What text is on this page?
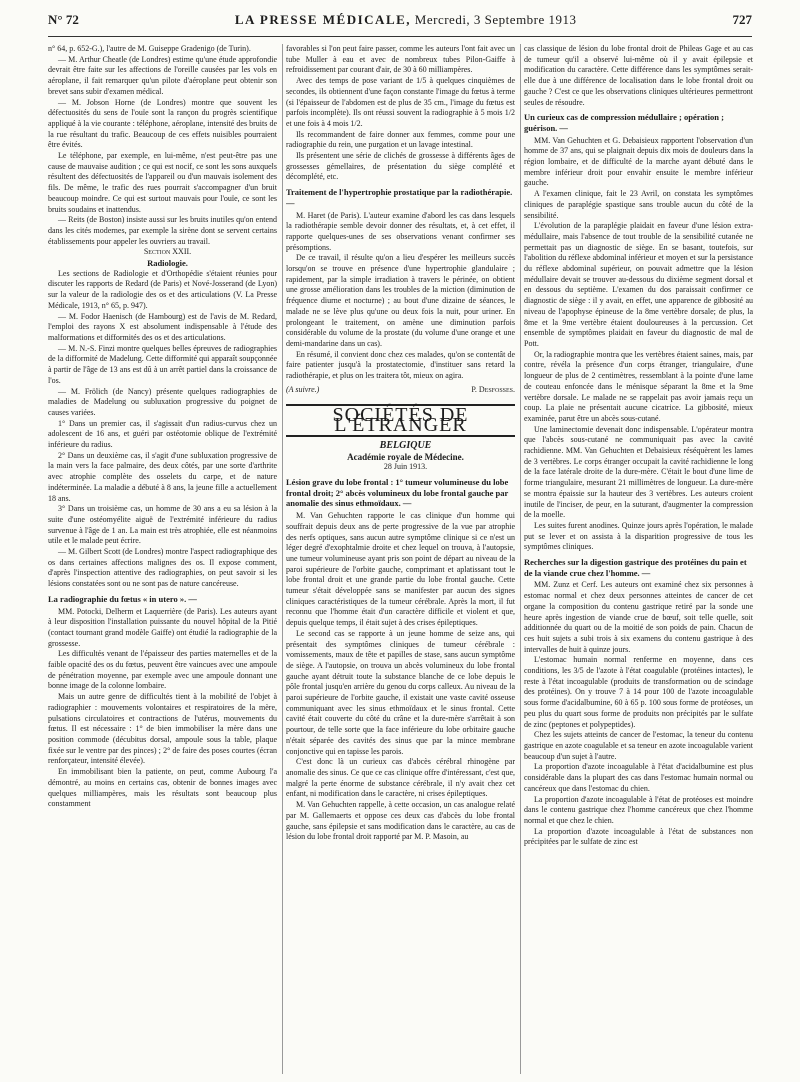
N° 72	LA PRESSE MÉDICALE, Mercredi, 3 Septembre 1913	727

n° 64, p. 652-G.), l'autre de M. Guiseppe Gradenigo (de Turin).

— M. Arthur Cheatle (de Londres) estime qu'une étude approfondie devrait être faite sur les affections de l'oreille causées par les vols en aéroplane, il fait remarquer qu'un pilote d'aéroplane peut obtenir son brevet sans subir d'examen médical.

— M. Jobson Horne (de Londres) montre que souvent les défectuosités du sens de l'ouïe sont la rançon du progrès scientifique appliqué à la vie courante : téléphone, aéroplane, intensité des bruits de la rue résultant du trafic. Beaucoup de ces effets nuisibles pourraient être évités.

Le téléphone, par exemple, en lui-même, n'est peut-être pas une cause de mauvaise audition ; ce qui est nocif, ce sont les sons auxquels résultent des défectuosités de l'appareil ou d'un mauvais isolement des fils. De même, le trafic des rues pourrait s'accompagner d'un bruit beaucoup moindre. Ce qui est surtout mauvais pour l'ouïe, ce sont les bruits soudains et inattendus.

— Reits (de Boston) insiste aussi sur les bruits inutiles qu'on entend dans les cités modernes, par exemple la sirène dont se servent certains établissements pour appeler les ouvriers au travail.

Section XXII.

Radiologie.

Les sections de Radiologie et d'Orthopédie s'étaient réunies pour discuter les rapports de Redard (de Paris) et Nové-Josserand (de Lyon) sur la valeur de la radiologie des os et des articulations (V. La Presse Médicale, 1913, n° 65, p. 947).

— M. Fodor Haenisch (de Hambourg) est de l'avis de M. Redard, l'emploi des rayons X est absolument indispensable à l'étude des malformations et difformités des os et des articulations.

— M. N.-S. Finzi montre quelques belles épreuves de radiographies de la difformité de Madelung. Cette difformité qui apparaît soupçonnée à partir de l'âge de 13 ans est dû à un arrêt partiel dans la croissance de l'os.

— M. Frölich (de Nancy) présente quelques radiographies de maladies de Madelung ou subluxation progressive du poignet de causes variées.

1° Dans un premier cas, il s'agissait d'un radius-curvus chez un adolescent de 16 ans, et guéri par ostéotomie oblique de l'extrémité inférieure du radius.

2° Dans un deuxième cas, il s'agit d'une subluxation progressive de la main vers la face palmaire, des deux côtés, par une sorte d'arthrite avec atrophie complète des osselets du carpe, et de nature indéterminée. La maladie a débuté à 8 ans, la jeune fille a actuellement 18 ans.

3° Dans un troisième cas, un homme de 30 ans a eu sa lésion à la suite d'une ostéomyélite aiguë de l'extrémité inférieure du radius survenue à l'âge de 1 an. La main est très atrophiée, elle est néanmoins utile et le malade peut écrire.

— M. Gilbert Scott (de Londres) montre l'aspect radiographique des os dans certaines affections malignes des os. Il expose comment, d'après l'inspection attentive des radiographies, on peut savoir si les lésions constatées sont ou ne sont pas de nature cancéreuse.

La radiographie du fœtus « in utero ». —

MM. Potocki, Delherm et Laquerrière (de Paris). Les auteurs ayant à leur disposition l'installation puissante du nouvel hôpital de la Pitié (contact tournant grand modèle Gaiffe) ont étudié la radiographie de la grossesse.

Les difficultés venant de l'épaisseur des parties maternelles et de la faible opacité des os du fœtus, peuvent être vaincues avec une ampoule de pénétration moyenne, par exemple avec une ampoule donnant une bonne image de la colonne lombaire.

Mais un autre genre de difficultés tient à la mobilité de l'objet à radiographier : mouvements volontaires et respiratoires de la mère, pulsations circulatoires et contractions de l'utérus, mouvements du fœtus. Il est nécessaire : 1° de bien immobiliser la mère dans une position commode (décubitus dorsal, ampoule sous la table, plaque fixée sur le ventre par des pinces) ; 2° de faire des poses courtes (écran renforçateur, intensité élevée).

En immobilisant bien la patiente, on peut, comme Aubourg l'a démontré, au moins en certains cas, obtenir de bonnes images avec quelques milliampères, mais les résultats sont beaucoup plus constamment

favorables si l'on peut faire passer, comme les auteurs l'ont fait avec un tube Muller à eau et avec de nombreux tubes Pilon-Gaiffe à refroidissement par courant d'air, de 30 à 60 milliampères.

Avec des temps de pose variant de 1/5 à quelques cinquièmes de secondes, ils obtiennent d'une façon constante l'image du fœtus à terme (si l'épaisseur de l'abdomen est de plus de 35 cm., l'image du fœtus est parfois incomplète). Ils ont réussi souvent la radiographie à 5 mois 1/2 et une fois à 4 mois 1/2.

Ils recommandent de faire donner aux femmes, comme pour une radiographie du rein, une purgation et un lavage intestinal.

Ils présentent une série de clichés de grossesse à différents âges de grossesses gémellaires, de présentation du siège complété et décomplété, etc.

Traitement de l'hypertrophie prostatique par la radiothérapie. —

M. Haret (de Paris). L'auteur examine d'abord les cas dans lesquels la radiothérapie semble devoir donner des résultats, et, à cet effet, il rapporte quelques-unes de ses observations venant confirmer ses présomptions.

De ce travail, il résulte qu'on a lieu d'espérer les meilleurs succès lorsqu'on se trouve en présence d'une hypertrophie glandulaire ; rapidement, par la simple irradiation à travers le périnée, on obtient une grosse amélioration dans les troubles de la miction (diminution de fréquence diurne et nocturne) ; au bout d'une dizaine de séances, le malade ne se lève plus qu'une ou deux fois la nuit, pour uriner. En prolongeant le traitement, on amène une diminution parfois considérable du volume de la prostate (du volume d'une orange et une demi-mandarine dans un cas).

En résumé, il convient donc chez ces malades, qu'on se contentât de faire patienter jusqu'à la prostatectomie, d'instituer sans retard la radiothérapie, et plus on les traitera tôt, mieux on agira.

(A suivre.)	P. Desfosses.
SOCIÉTÉS DE L'ÉTRANGER

BELGIQUE

Académie royale de Médecine.

28 Juin 1913.

Lésion grave du lobe frontal : 1° tumeur volumineuse du lobe frontal droit; 2° abcès volumineux du lobe frontal gauche par anomalie des sinus ethmoïdaux. —

M. Van Gehuchten rapporte le cas clinique d'un homme qui souffrait depuis deux ans de perte progressive de la vue par atrophie des nerfs optiques, sans aucun autre symptôme clinique si ce n'est un léger degré d'exophtalmie droite et chez lequel on trouva, à l'autopsie, une tumeur volumineuse ayant pris son point de départ au niveau de la paroi supérieure de l'orbite gauche, comprimant et aplatissant tout le lobe frontal droit et une grande partie du lobe frontal gauche. Cette tumeur s'était développée sans se manifester par aucun des signes cliniques caractéristiques de la tumeur cérébrale. Après la mort, il fut reconnu que l'homme était d'un caractère difficile et violent et que, depuis quelque temps, il était sujet à des crises épileptiques.

Le second cas se rapporte à un jeune homme de seize ans, qui présentait des symptômes cliniques de tumeur cérébrale : vomissements, maux de tête et papilles de stase, sans aucun symptôme de siège. A l'autopsie, on trouva un abcès volumineux du lobe frontal gauche ayant détruit toute la substance blanche de ce lobe depuis le pôle frontal jusqu'en arrière du genou du corps calleux. Au niveau de la paroi supérieure de l'orbite gauche, il existait une vaste cavité osseuse communiquant avec les sinus ethmoïdaux et le sinus frontal. Cette cavité était couverte du côté du crâne et la dure-mère s'arrêtait à son pourtour, de telle sorte que la face inférieure du lobe orbitaire gauche n'était séparée des cavités des sinus que par la mince membrane conjonctive qui en tapisse les parois.

C'est donc là un curieux cas d'abcès cérébral rhinogène par anomalie des sinus. Ce que ce cas clinique offre d'intéressant, c'est que, malgré la perte énorme de substance cérébrale, il n'y avait chez cet enfant, ni modification dans le caractère, ni crises épileptiques.

M. Van Gehuchten rappelle, à cette occasion, un cas analogue relaté par M. Gallemaerts et oppose ces deux cas d'abcès du lobe frontal gauche, sans épilepsie et sans modification dans le caractère, au cas de lésion du lobe frontal droit rapporté par M. P. Masoin, au

cas classique de lésion du lobe frontal droit de Phileas Gage et au cas de tumeur qu'il a observé lui-même où il y avait épilepsie et modification du caractère. Cette différence dans les symptômes serait-elle due à une différence de localisation dans le lobe frontal droit ou gauche ? C'est ce que les observations cliniques ultérieures permettront seules de résoudre.

Un curieux cas de compression médullaire ; opération ; guérison. —

MM. Van Gehuchten et G. Debaisieux rapportent l'observation d'un homme de 37 ans, qui se plaignait depuis dix mois de douleurs dans la région lombaire, et de difficulté de la marche ayant débuté dans le membre inférieur droit pour envahir ensuite le membre inférieur gauche.

A l'examen clinique, fait le 23 Avril, on constata les symptômes cliniques de paraplégie spastique sans trouble aucun du côté de la sensibilité.

L'évolution de la paraplégie plaidait en faveur d'une lésion extra-médullaire, mais l'absence de tout trouble de la sensibilité cutanée ne permettait pas un diagnostic de siège. En se basant, toutefois, sur l'abolition du réflexe abdominal inférieur et moyen et sur la persistance du réflexe abdominal supérieur, on pouvait admettre que la lésion médullaire devait se trouver au-dessous du dixième segment dorsal et en dessous du septième. L'examen du dos paraissait confirmer ce diagnostic de siège : il y avait, en effet, une apparence de gibbosité au niveau de l'apophyse épineuse de la 8me vertèbre dorsale; de plus, la 8me et la 9me vertèbre étaient douloureuses à la percussion. Cet ensemble de symptômes plaidait en faveur du diagnostic de mal de Pott.

Or, la radiographie montra que les vertèbres étaient saines, mais, par contre, révéla la présence d'un corps étranger, triangulaire, d'une longueur de plus de 2 centimètres, ressemblant à la pointe d'une lame de couteau enfoncée dans le ménisque séparant la 8me et la 9me vertèbre dorsale. Le malade ne se rappelait pas avoir jamais reçu un coup. La plaie ne présentait aucune cicatrice. La gibbosité, mieux examinée, parut être un abcès sous-cutané.

Une laminectomie devenait donc indispensable. L'opérateur montra que l'abcès sous-cutané ne communiquait pas avec la cavité rachidienne. MM. Van Gehuchten et Debaisieux réséquèrent les lames de 3 vertèbres. Le corps étranger occupait la cavité rachidienne le long de la face latérale droite de la dure-mère. C'était le bout d'une lime de forme triangulaire, mesurant 21 millimètres de longueur. La dure-mère se montra épaissie sur la hauteur des 3 vertèbres. Les auteurs croient inutile de l'inciser, de peur, en la suturant, d'augmenter la compression de la moelle.

Les suites furent anodines. Quinze jours après l'opération, le malade put se lever et on assista à la disparition progressive de tous les symptômes cliniques.

Recherches sur la digestion gastrique des protéines du pain et de la viande crue chez l'homme. —

MM. Zunz et Cerf. Les auteurs ont examiné chez six personnes à estomac normal et chez deux personnes atteintes de cancer de cet organe la composition du contenu gastrique retiré par la sonde une heure après ingestion de viande crue de bœuf, soit telle quelle, soit additionnée du quart ou de la moitié de son poids de pain. Chacun de ces huit sujets a subi trois à six examens du contenu gastrique à des intervalles de huit à quinze jours.

L'estomac humain normal renferme en moyenne, dans ces conditions, les 3/5 de l'azote à l'état coagulable (protéines intactes), le reste à l'état incoagulable (produits de transformation ou de scindage des protéines). On y trouve 7 à 14 pour 100 de l'azote incoagulable sous forme d'acidalbumine, 60 à 65 p. 100 sous forme de protéoses, un peu plus du quart sous forme de produits non précipités par le sulfate de zinc (peptones et polypeptides).

Chez les sujets atteints de cancer de l'estomac, la teneur du contenu gastrique en azote coagulable et sa teneur en azote incoagulable varient beaucoup d'un sujet à l'autre.

La proportion d'azote incoagulable à l'état d'acidalbumine est plus considérable dans la plupart des cas dans l'estomac humain normal ou cancéreux que dans l'estomac du chien.

La proportion d'azote incoagulable à l'état de protéoses est moindre dans le contenu gastrique chez l'homme cancéreux que chez l'homme normal et que chez le chien.

La proportion d'azote incoagulable à l'état de substances non précipitées par le sulfate de zinc est
